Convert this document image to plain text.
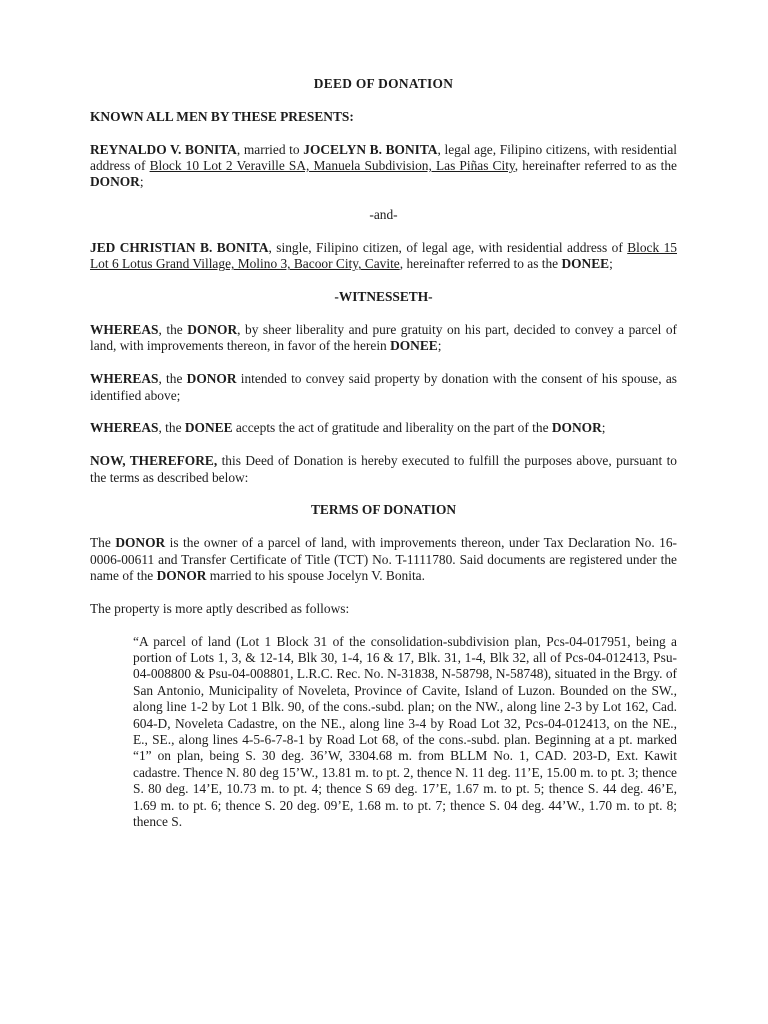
DEED OF DONATION

KNOWN ALL MEN BY THESE PRESENTS:

REYNALDO V. BONITA, married to JOCELYN B. BONITA, legal age, Filipino citizens, with residential address of Block 10 Lot 2 Veraville SA, Manuela Subdivision, Las Piñas City, hereinafter referred to as the DONOR;

-and-

JED CHRISTIAN B. BONITA, single, Filipino citizen, of legal age, with residential address of Block 15 Lot 6 Lotus Grand Village, Molino 3, Bacoor City, Cavite, hereinafter referred to as the DONEE;

-WITNESSETH-

WHEREAS, the DONOR, by sheer liberality and pure gratuity on his part, decided to convey a parcel of land, with improvements thereon, in favor of the herein DONEE;

WHEREAS, the DONOR intended to convey said property by donation with the consent of his spouse, as identified above;

WHEREAS, the DONEE accepts the act of gratitude and liberality on the part of the DONOR;

NOW, THEREFORE, this Deed of Donation is hereby executed to fulfill the purposes above, pursuant to the terms as described below:

TERMS OF DONATION

The DONOR is the owner of a parcel of land, with improvements thereon, under Tax Declaration No. 16-0006-00611 and Transfer Certificate of Title (TCT) No. T-1111780. Said documents are registered under the name of the DONOR married to his spouse Jocelyn V. Bonita.

The property is more aptly described as follows:

“A parcel of land (Lot 1 Block 31 of the consolidation-subdivision plan, Pcs-04-017951, being a portion of Lots 1, 3, & 12-14, Blk 30, 1-4, 16 & 17, Blk. 31, 1-4, Blk 32, all of Pcs-04-012413, Psu-04-008800 & Psu-04-008801, L.R.C. Rec. No. N-31838, N-58798, N-58748), situated in the Brgy. of San Antonio, Municipality of Noveleta, Province of Cavite, Island of Luzon. Bounded on the SW., along line 1-2 by Lot 1 Blk. 90, of the cons.-subd. plan; on the NW., along line 2-3 by Lot 162, Cad. 604-D, Noveleta Cadastre, on the NE., along line 3-4 by Road Lot 32, Pcs-04-012413, on the NE., E., SE., along lines 4-5-6-7-8-1 by Road Lot 68, of the cons.-subd. plan. Beginning at a pt. marked “1” on plan, being S. 30 deg. 36’W, 3304.68 m. from BLLM No. 1, CAD. 203-D, Ext. Kawit cadastre. Thence N. 80 deg 15’W., 13.81 m. to pt. 2, thence N. 11 deg. 11’E, 15.00 m. to pt. 3; thence S. 80 deg. 14’E, 10.73 m. to pt. 4; thence S 69 deg. 17’E, 1.67 m. to pt. 5; thence S. 44 deg. 46’E, 1.69 m. to pt. 6; thence S. 20 deg. 09’E, 1.68 m. to pt. 7; thence S. 04 deg. 44’W., 1.70 m. to pt. 8; thence S.
